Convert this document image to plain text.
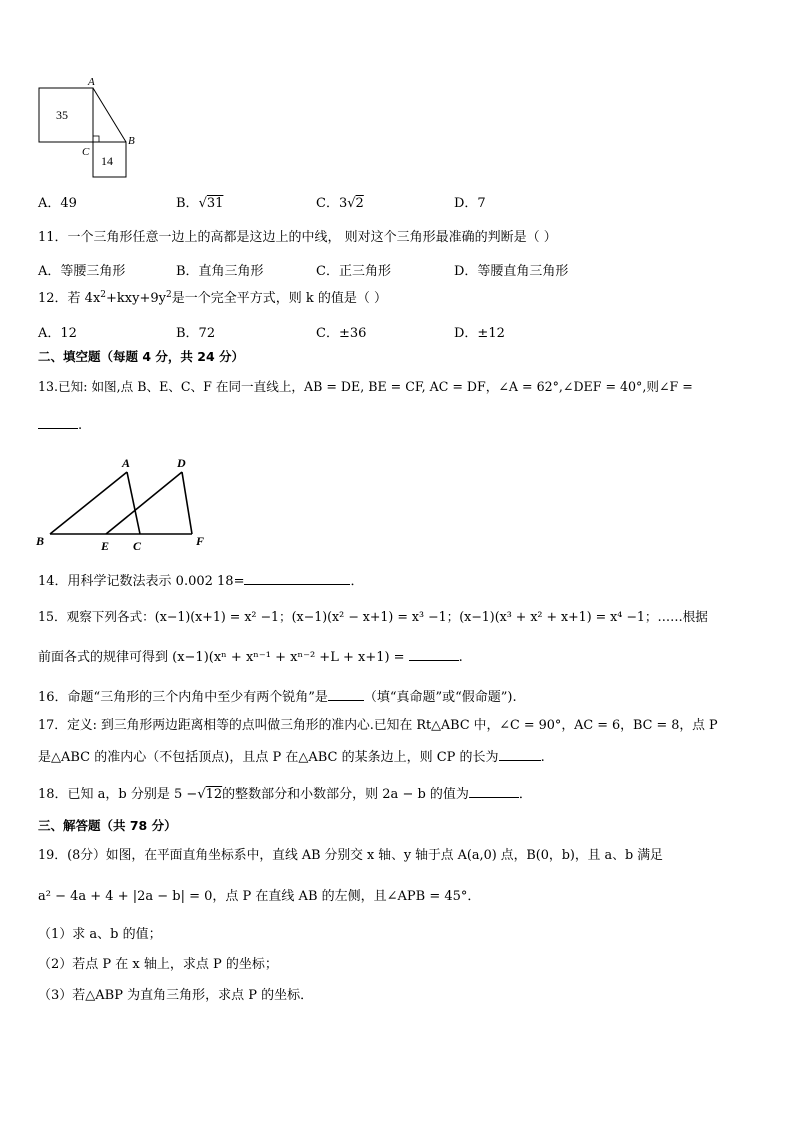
A
B
C
35
14
A．49	B．√31	C．3√2	D．7
11．一个三角形任意一边上的高都是这边上的中线， 则对这个三角形最准确的判断是（ ）
A．等腰三角形	B．直角三角形	C．正三角形	D．等腰直角三角形
12．若 $4x^2+kxy+9y^2$是一个完全平方式，则 k 的值是（ ）
A．12	B．72	C．±36	D．±12
二、填空题（每题 4 分，共 24 分）
13.已知: 如图,点 B、E、C、F 在同一直线上，AB = DE, BE = CF, AC = DF，∠A = 62°,∠DEF = 40°,则∠F =
.
A	D
B	E C	F
14．用科学记数法表示 0.002 18=	．
15．观察下列各式：(x−1)(x+1) = x² −1；(x−1)(x² − x+1) = x³ −1；(x−1)(x³ + x² + x+1) = x⁴ −1；……根据
前面各式的规律可得到 (x−1)(xⁿ + xⁿ⁻¹ + xⁿ⁻² +L + x+1) =	.
16．命题“三角形的三个内角中至少有两个锐角”是	（填“真命题”或“假命题”).
17．定义: 到三角形两边距离相等的点叫做三角形的准内心.已知在 Rt△ABC 中，∠C = 90°，AC = 6，BC = 8，点 P
是△ABC 的准内心（不包括顶点)，且点 P 在△ABC 的某条边上，则 CP 的长为	.
18．已知 a，b 分别是 5 −√12的整数部分和小数部分，则 2a − b 的值为	．
三、解答题（共 78 分）
19．(8分）如图，在平面直角坐标系中，直线 AB 分别交 x 轴、y 轴于点 A(a,0) 点，B(0，b)，且 a、b 满足
a² − 4a + 4 + |2a − b| = 0，点 P 在直线 AB 的左侧，且∠APB = 45°．
（1）求 a、b 的值；
（2）若点 P 在 x 轴上，求点 P 的坐标；
（3）若△ABP 为直角三角形，求点 P 的坐标．
